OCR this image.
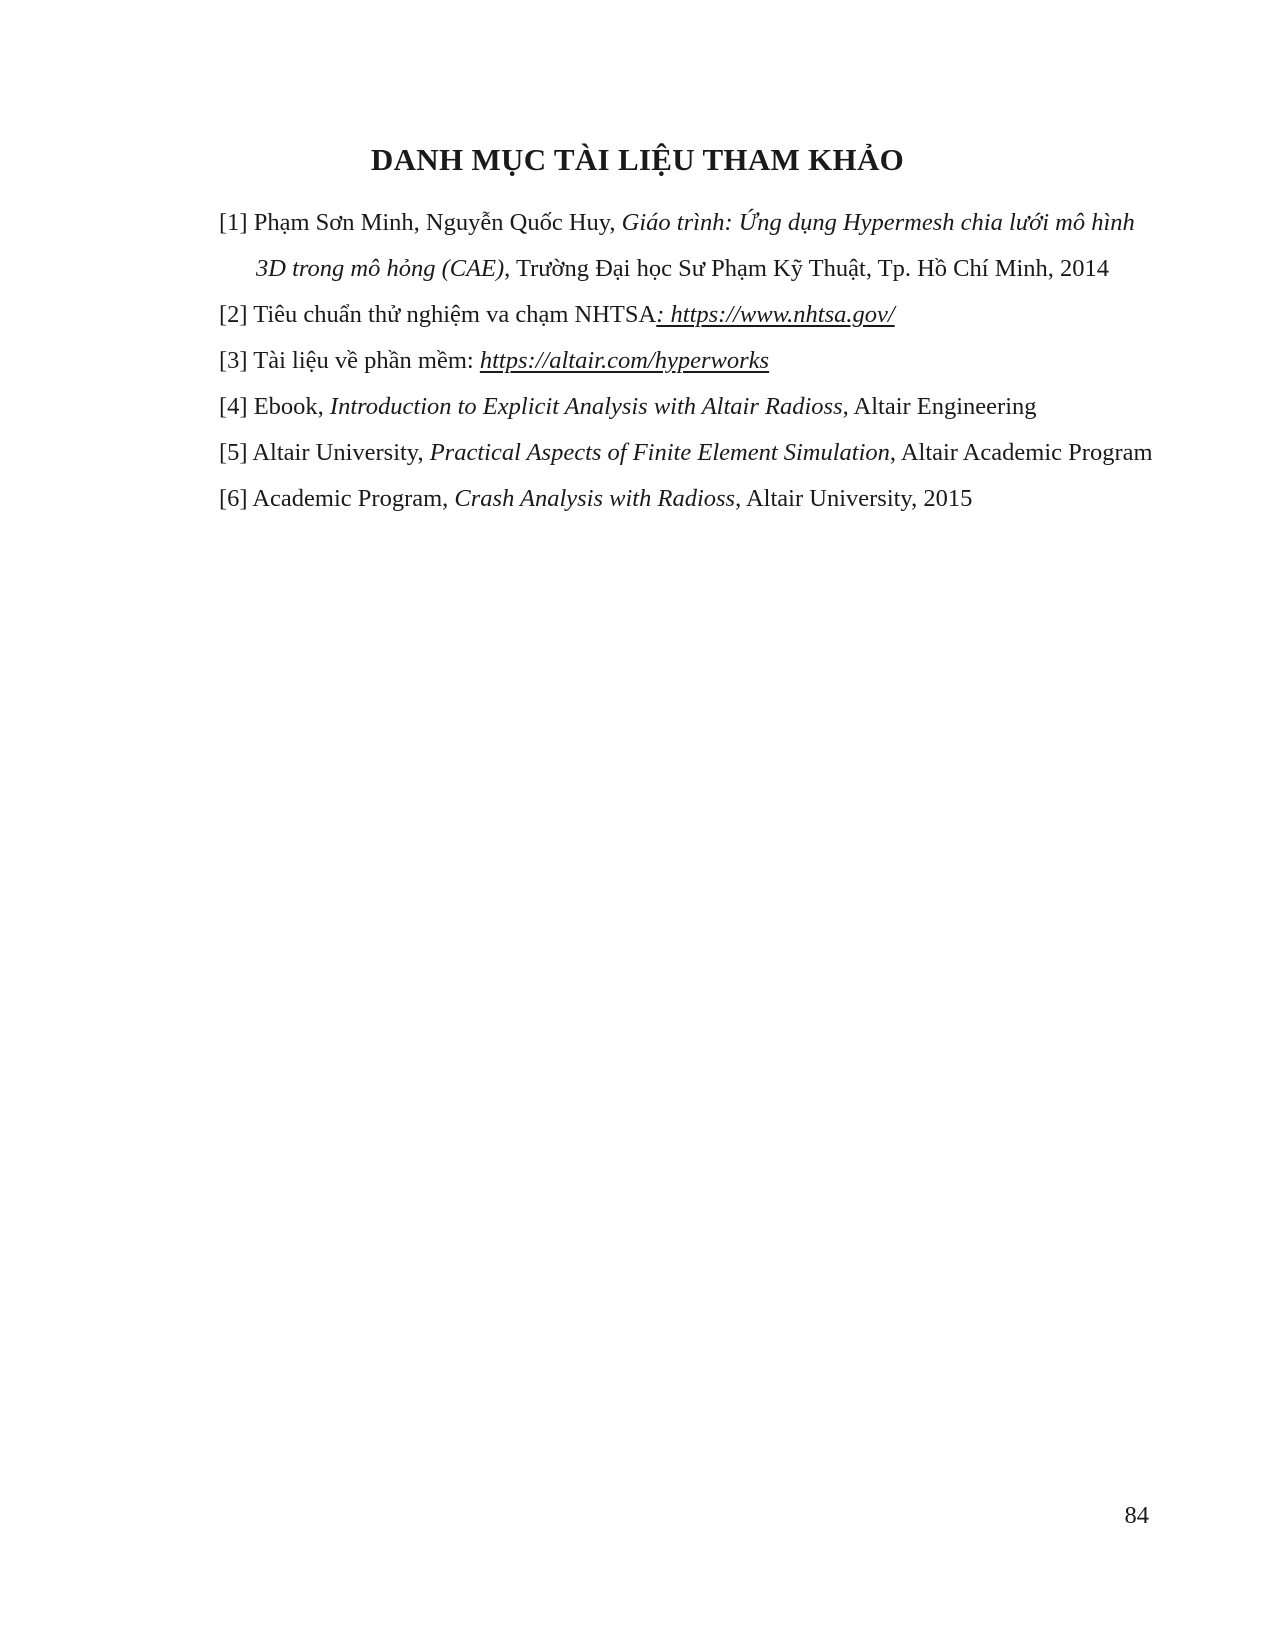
DANH MỤC TÀI LIỆU THAM KHẢO

[1] Phạm Sơn Minh, Nguyễn Quốc Huy, Giáo trình: Ứng dụng Hypermesh chia lưới mô hình 3D trong mô hỏng (CAE), Trường Đại học Sư Phạm Kỹ Thuật, Tp. Hồ Chí Minh, 2014

[2] Tiêu chuẩn thử nghiệm va chạm NHTSA: https://www.nhtsa.gov/

[3] Tài liệu về phần mềm: https://altair.com/hyperworks

[4] Ebook, Introduction to Explicit Analysis with Altair Radioss, Altair Engineering

[5] Altair University, Practical Aspects of Finite Element Simulation, Altair Academic Program

[6] Academic Program, Crash Analysis with Radioss, Altair University, 2015

84
